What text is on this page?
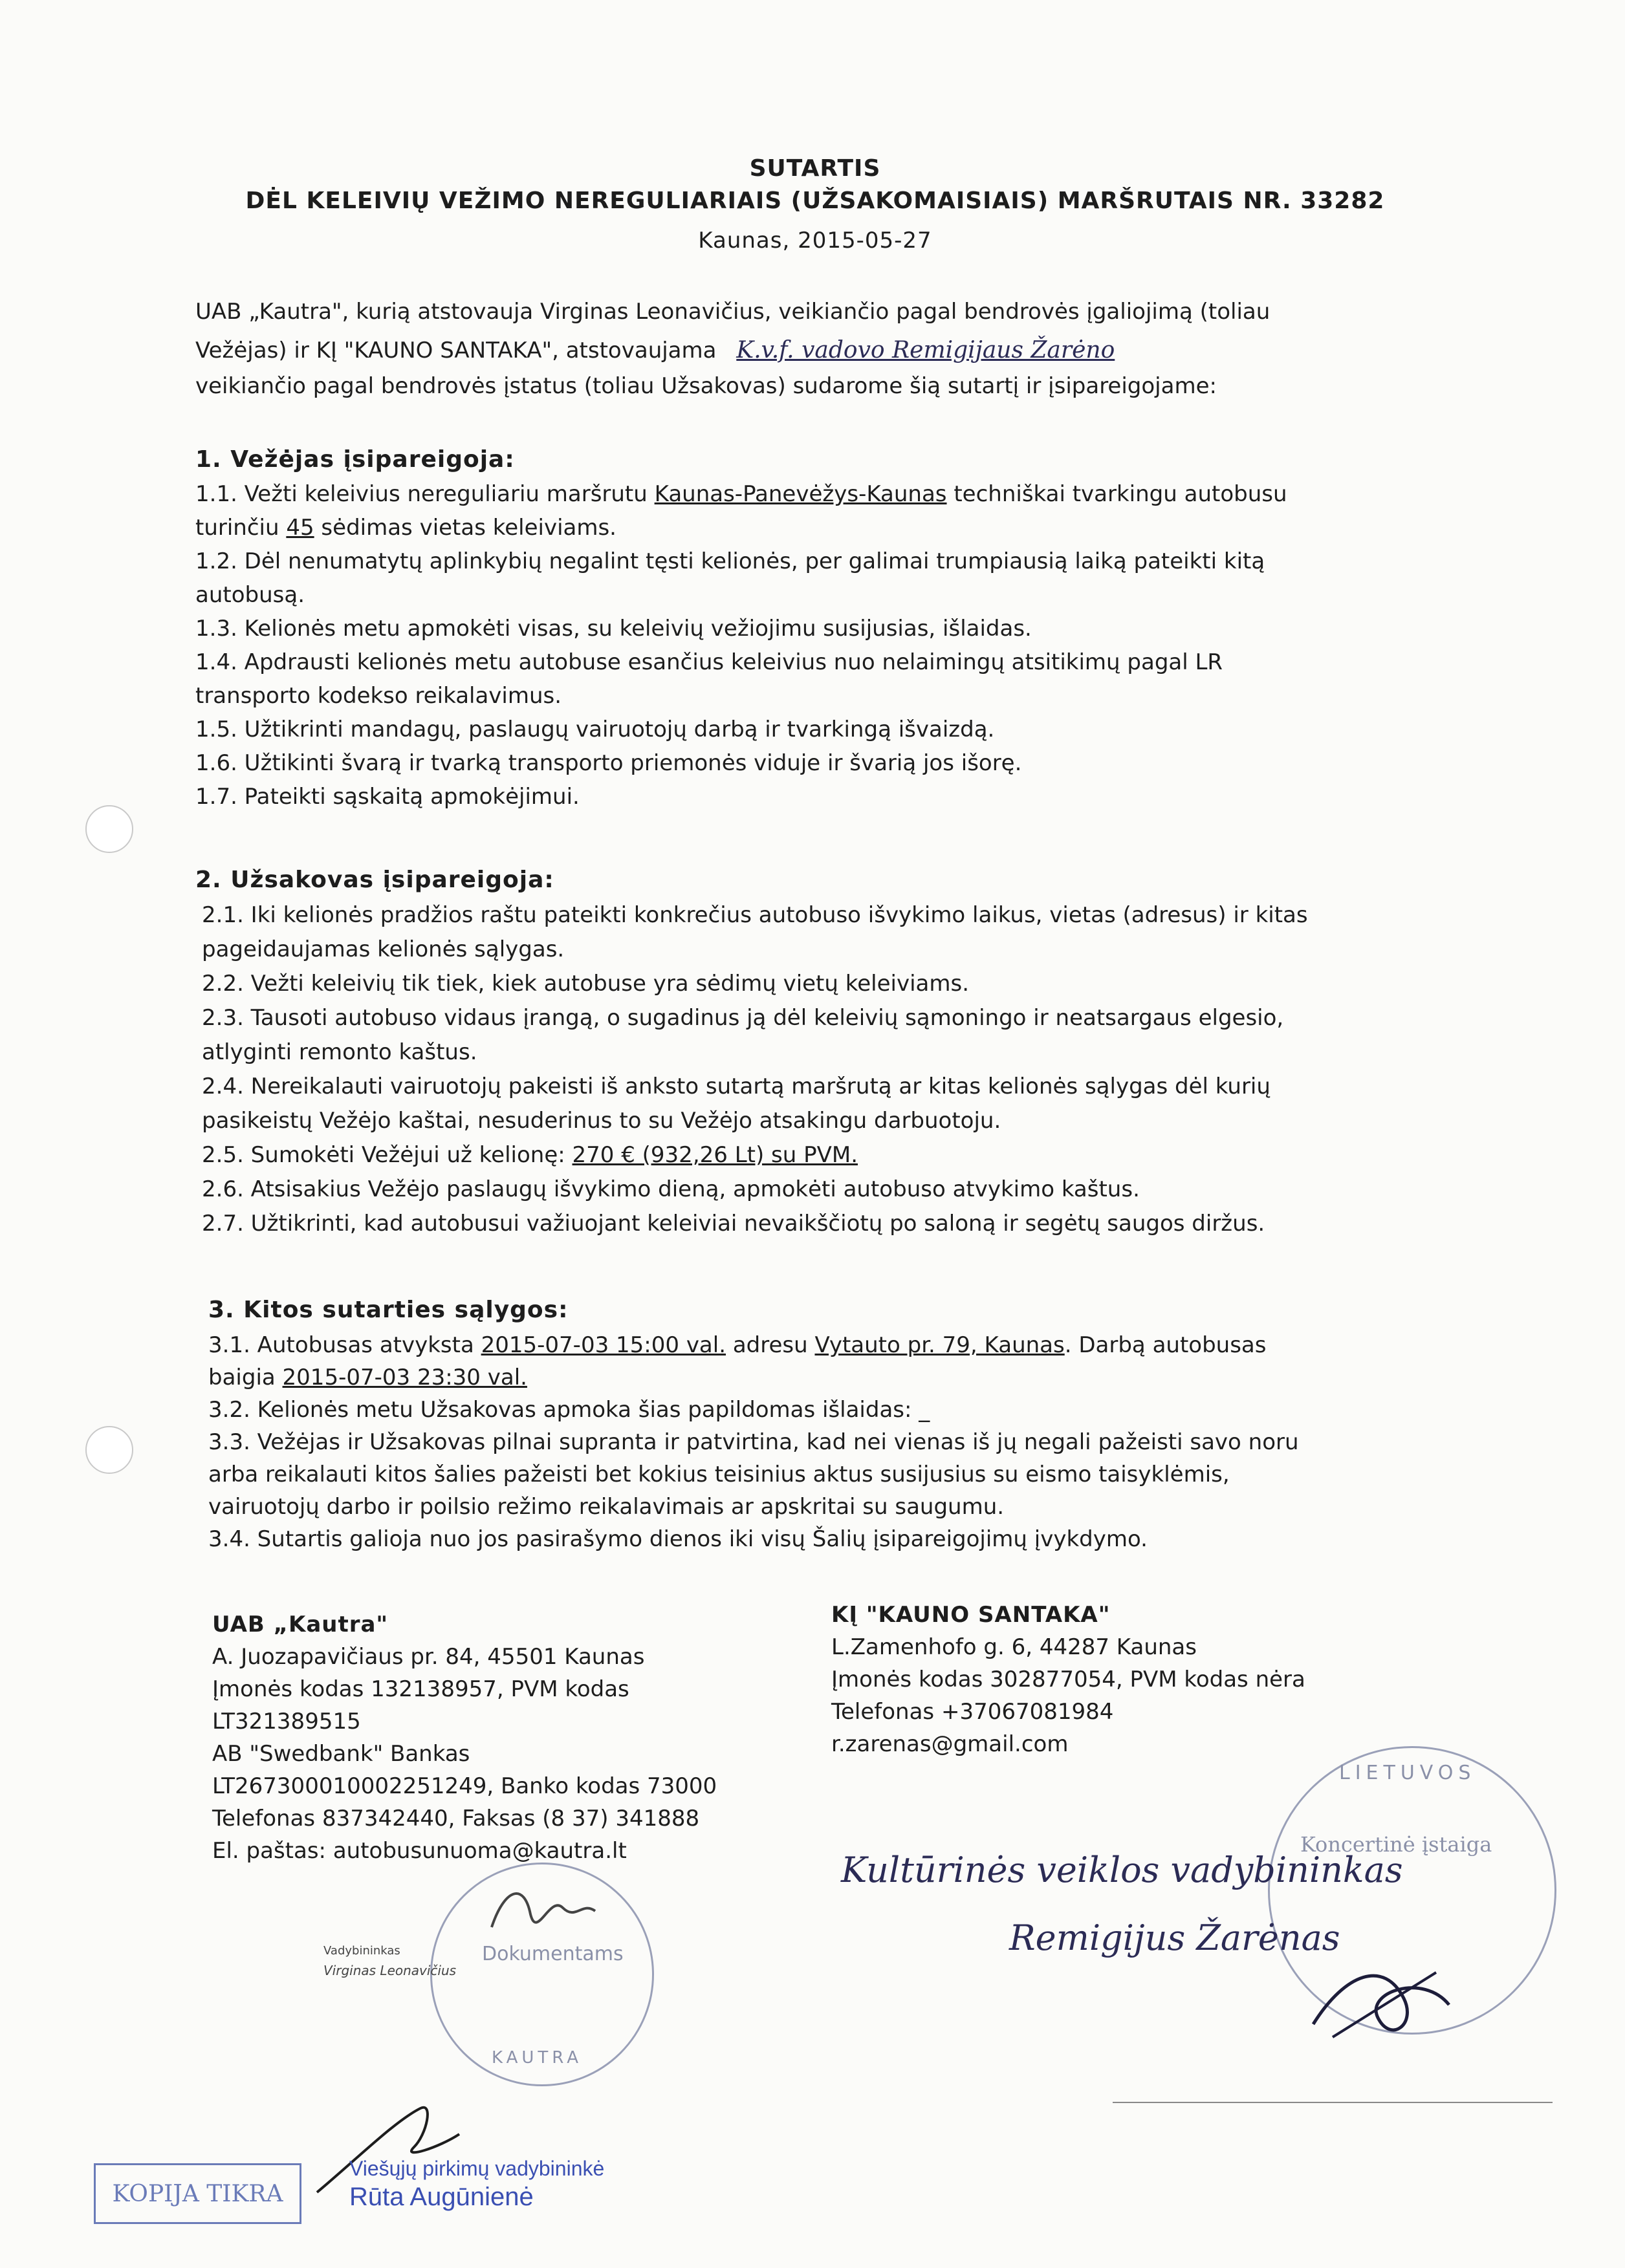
SUTARTIS
DĖL KELEIVIŲ VEŽIMO NEREGULIARIAIS (UŽSAKOMAISIAIS) MARŠRUTAIS NR. 33282
Kaunas, 2015-05-27
UAB „Kautra", kurią atstovauja Virginas Leonavičius, veikiančio pagal bendrovės įgaliojimą (toliau
Vežėjas) ir KĮ "KAUNO SANTAKA", atstovaujama K.v.f. vadovo Remigijaus Žarėno
veikiančio pagal bendrovės įstatus (toliau Užsakovas) sudarome šią sutartį ir įsipareigojame:
1. Vežėjas įsipareigoja:
1.1. Vežti keleivius nereguliariu maršrutu Kaunas-Panevėžys-Kaunas techniškai tvarkingu autobusu
turinčiu 45 sėdimas vietas keleiviams.
1.2. Dėl nenumatytų aplinkybių negalint tęsti kelionės, per galimai trumpiausią laiką pateikti kitą
autobusą.
1.3. Kelionės metu apmokėti visas, su keleivių vežiojimu susijusias, išlaidas.
1.4. Apdrausti kelionės metu autobuse esančius keleivius nuo nelaimingų atsitikimų pagal LR
transporto kodekso reikalavimus.
1.5. Užtikrinti mandagų, paslaugų vairuotojų darbą ir tvarkingą išvaizdą.
1.6. Užtikinti švarą ir tvarką transporto priemonės viduje ir švarią jos išorę.
1.7. Pateikti sąskaitą apmokėjimui.
2. Užsakovas įsipareigoja:
2.1. Iki kelionės pradžios raštu pateikti konkrečius autobuso išvykimo laikus, vietas (adresus) ir kitas
pageidaujamas kelionės sąlygas.
2.2. Vežti keleivių tik tiek, kiek autobuse yra sėdimų vietų keleiviams.
2.3. Tausoti autobuso vidaus įrangą, o sugadinus ją dėl keleivių sąmoningo ir neatsargaus elgesio,
atlyginti remonto kaštus.
2.4. Nereikalauti vairuotojų pakeisti iš anksto sutartą maršrutą ar kitas kelionės sąlygas dėl kurių
pasikeistų Vežėjo kaštai, nesuderinus to su Vežėjo atsakingu darbuotoju.
2.5. Sumokėti Vežėjui už kelionę: 270 € (932,26 Lt) su PVM.
2.6. Atsisakius Vežėjo paslaugų išvykimo dieną, apmokėti autobuso atvykimo kaštus.
2.7. Užtikrinti, kad autobusui važiuojant keleiviai nevaikščiotų po saloną ir segėtų saugos diržus.
3. Kitos sutarties sąlygos:
3.1. Autobusas atvyksta 2015-07-03 15:00 val. adresu Vytauto pr. 79, Kaunas. Darbą autobusas
baigia 2015-07-03 23:30 val.
3.2. Kelionės metu Užsakovas apmoka šias papildomas išlaidas: _
3.3. Vežėjas ir Užsakovas pilnai supranta ir patvirtina, kad nei vienas iš jų negali pažeisti savo noru
arba reikalauti kitos šalies pažeisti bet kokius teisinius aktus susijusius su eismo taisyklėmis,
vairuotojų darbo ir poilsio režimo reikalavimais ar apskritai su saugumu.
3.4. Sutartis galioja nuo jos pasirašymo dienos iki visų Šalių įsipareigojimų įvykdymo.
UAB „Kautra"
A. Juozapavičiaus pr. 84, 45501 Kaunas
Įmonės kodas 132138957, PVM kodas
LT321389515
AB "Swedbank" Bankas
LT267300010002251249, Banko kodas 73000
Telefonas 837342440, Faksas (8 37) 341888
El. paštas: autobusunuoma@kautra.lt
Dokumentams
KAUTRA
Vadybininkas
Virginas Leonavičius
KĮ "KAUNO SANTAKA"
L.Zamenhofo g. 6, 44287 Kaunas
Įmonės kodas 302877054, PVM kodas nėra
Telefonas +37067081984
r.zarenas@gmail.com
LIETUVOS
Koncertinė įstaiga
Kultūrinės veiklos vadybininkas
Remigijus Žarėnas
KOPIJA TIKRA
Viešųjų pirkimų vadybininkė
Rūta Augūnienė
